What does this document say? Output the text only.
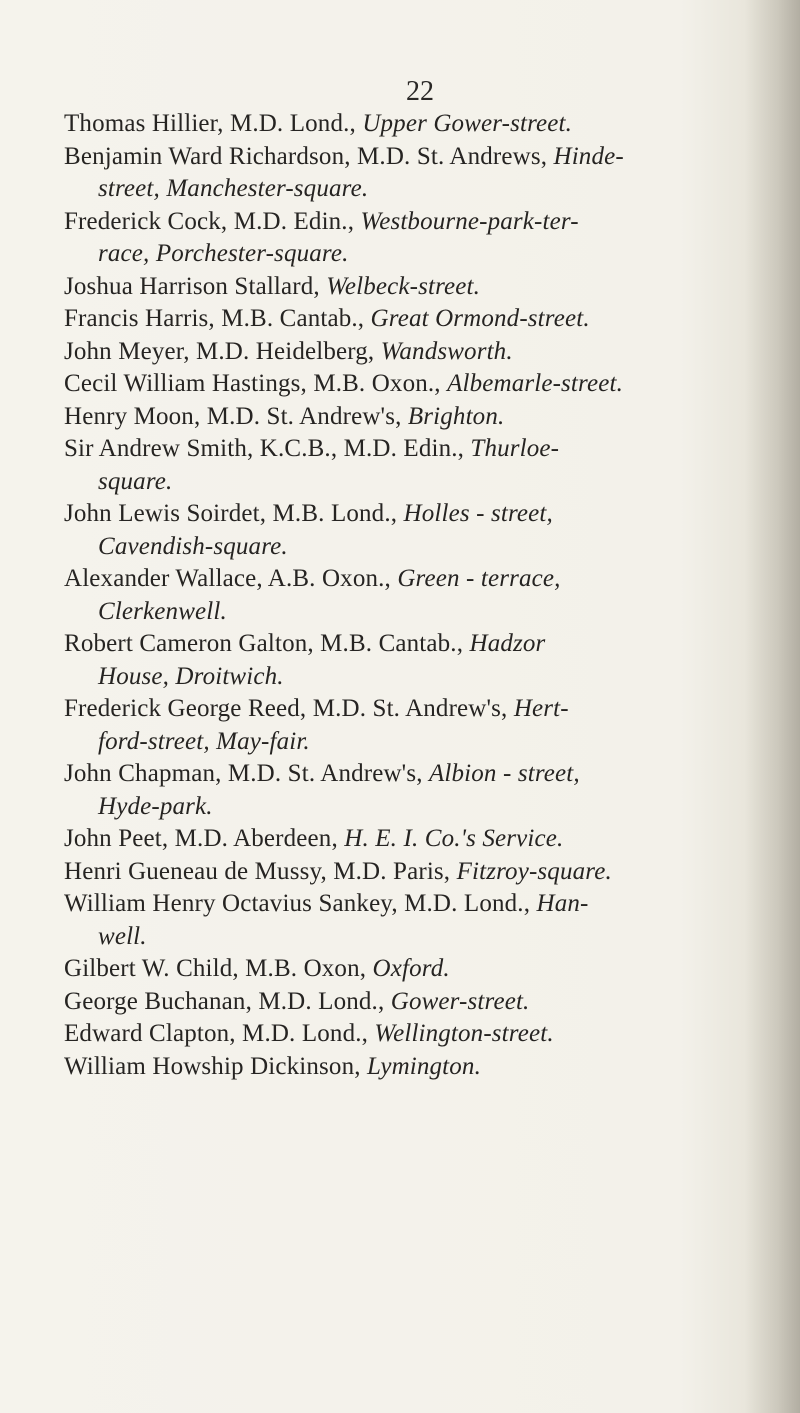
22
Thomas Hillier, M.D. Lond., Upper Gower-street.
Benjamin Ward Richardson, M.D. St. Andrews, Hinde-
street, Manchester-square.
Frederick Cock, M.D. Edin., Westbourne-park-ter-
race, Porchester-square.
Joshua Harrison Stallard, Welbeck-street.
Francis Harris, M.B. Cantab., Great Ormond-street.
John Meyer, M.D. Heidelberg, Wandsworth.
Cecil William Hastings, M.B. Oxon., Albemarle-street.
Henry Moon, M.D. St. Andrew's, Brighton.
Sir Andrew Smith, K.C.B., M.D. Edin., Thurloe-
square.
John Lewis Soirdet, M.B. Lond., Holles - street,
Cavendish-square.
Alexander Wallace, A.B. Oxon., Green - terrace,
Clerkenwell.
Robert Cameron Galton, M.B. Cantab., Hadzor
House, Droitwich.
Frederick George Reed, M.D. St. Andrew's, Hert-
ford-street, May-fair.
John Chapman, M.D. St. Andrew's, Albion - street,
Hyde-park.
John Peet, M.D. Aberdeen, H. E. I. Co.'s Service.
Henri Gueneau de Mussy, M.D. Paris, Fitzroy-square.
William Henry Octavius Sankey, M.D. Lond., Han-
well.
Gilbert W. Child, M.B. Oxon, Oxford.
George Buchanan, M.D. Lond., Gower-street.
Edward Clapton, M.D. Lond., Wellington-street.
William Howship Dickinson, Lymington.
